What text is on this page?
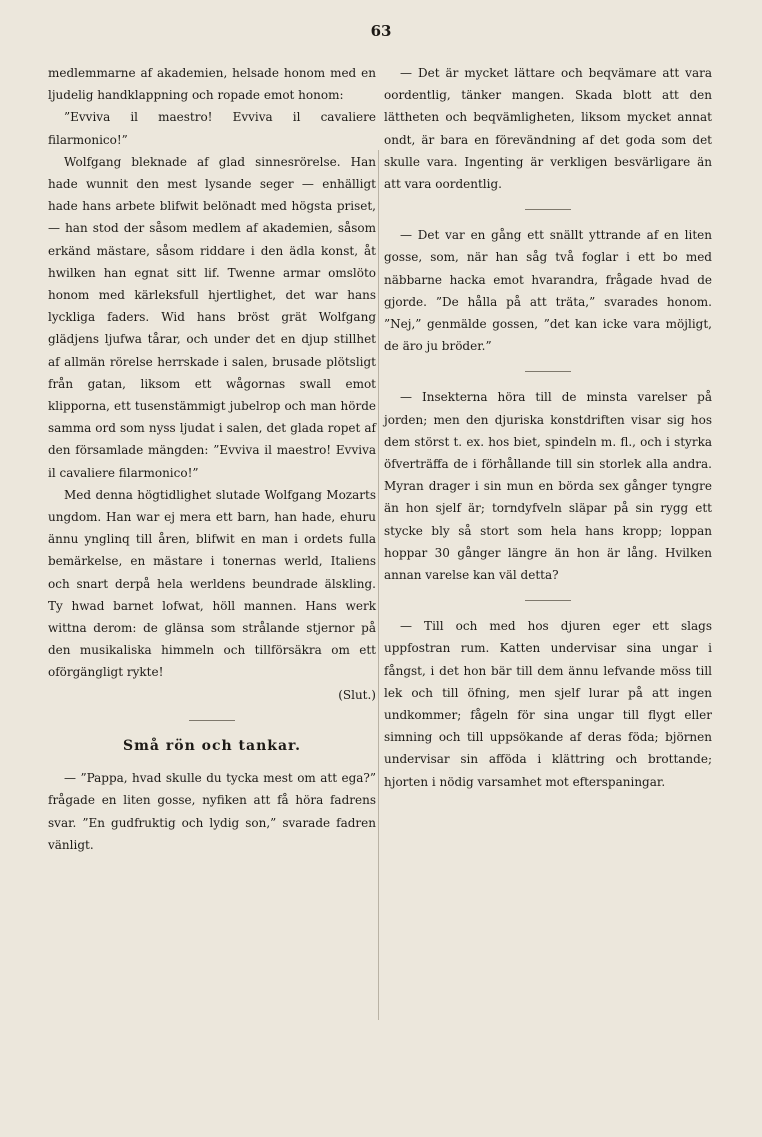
63

medlemmarne af akademien, helsade honom med en ljudelig handklappning och ropade emot honom:

”Evviva il maestro! Evviva il cavaliere filarmonico!”

Wolfgang bleknade af glad sinnesrörelse. Han hade wunnit den mest lysande seger — enhälligt hade hans arbete blifwit belönadt med högsta priset, — han stod der såsom medlem af akademien, såsom erkänd mästare, såsom riddare i den ädla konst, åt hwilken han egnat sitt lif. Twenne armar omslöto honom med kärleksfull hjertlighet, det war hans lyckliga faders. Wid hans bröst grät Wolfgang glädjens ljufwa tårar, och under det en djup stillhet af allmän rörelse herrskade i salen, brusade plötsligt från gatan, liksom ett wågornas swall emot klipporna, ett tusenstämmigt jubelrop och man hörde samma ord som nyss ljudat i salen, det glada ropet af den församlade mängden: ”Evviva il maestro! Evviva il cavaliere filarmonico!”

Med denna högtidlighet slutade Wolfgang Mozarts ungdom. Han war ej mera ett barn, han hade, ehuru ännu ynglinq till åren, blifwit en man i ordets fulla bemärkelse, en mästare i tonernas werld, Italiens och snart derpå hela werldens beundrade älskling. Ty hwad barnet lofwat, höll mannen. Hans werk wittna derom: de glänsa som strålande stjernor på den musikaliska himmeln och tillförsäkra om ett oförgängligt rykte!

(Slut.)

Små rön och tankar.

— ”Pappa, hvad skulle du tycka mest om att ega?” frågade en liten gosse, nyfiken att få höra fadrens svar. ”En gudfruktig och lydig son,” svarade fadren vänligt.

— Det är mycket lättare och beqvämare att vara oordentlig, tänker mangen. Skada blott att den lättheten och beqvämligheten, liksom mycket annat ondt, är bara en förevändning af det goda som det skulle vara. Ingenting är verkligen besvärligare än att vara oordentlig.

— Det var en gång ett snällt yttrande af en liten gosse, som, när han såg två foglar i ett bo med näbbarne hacka emot hvarandra, frågade hvad de gjorde. ”De hålla på att träta,” svarades honom. ”Nej,” genmälde gossen, ”det kan icke vara möjligt, de äro ju bröder.”

— Insekterna höra till de minsta varelser på jorden; men den djuriska konstdriften visar sig hos dem störst t. ex. hos biet, spindeln m. fl., och i styrka öfverträffa de i förhållande till sin storlek alla andra. Myran drager i sin mun en börda sex gånger tyngre än hon sjelf är; torndyfveln släpar på sin rygg ett stycke bly så stort som hela hans kropp; loppan hoppar 30 gånger längre än hon är lång. Hvilken annan varelse kan väl detta?

— Till och med hos djuren eger ett slags uppfostran rum. Katten undervisar sina ungar i fångst, i det hon bär till dem ännu lefvande möss till lek och till öfning, men sjelf lurar på att ingen undkommer; fågeln för sina ungar till flygt eller simning och till uppsökande af deras föda; björnen undervisar sin afföda i klättring och brottande; hjorten i nödig varsamhet mot efterspaningar.
